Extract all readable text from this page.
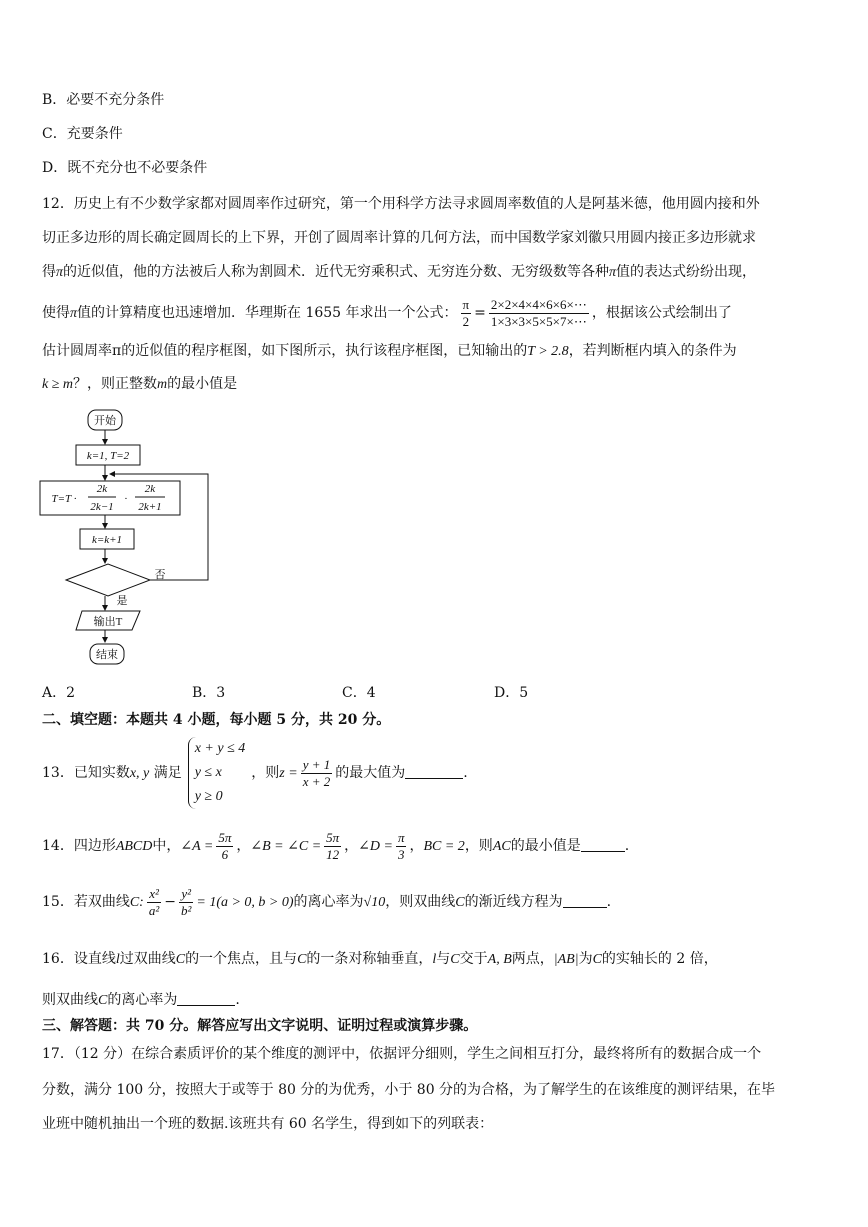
B．必要不充分条件
C．充要条件
D．既不充分也不必要条件
12．历史上有不少数学家都对圆周率作过研究，第一个用科学方法寻求圆周率数值的人是阿基米德，他用圆内接和外
切正多边形的周长确定圆周长的上下界，开创了圆周率计算的几何方法，而中国数学家刘徽只用圆内接正多边形就求
得π的近似值，他的方法被后人称为割圆术．近代无穷乘积式、无穷连分数、无穷级数等各种π值的表达式纷纷出现，
使得π值的计算精度也迅速增加．华理斯在 1655 年求出一个公式： $\frac{\pi}{2} = \frac{2\times 2\times 4\times 4\times 6\times 6\times\cdots}{1\times 3\times 3\times 5\times 5\times 7\times\cdots}$ ，根据该公式绘制出了
估计圆周率π的近似值的程序框图，如下图所示，执行该程序框图，已知输出的T > 2.8，若判断框内填入的条件为
k ≥ m？，则正整数m的最小值是
开始
k=1, T=2
T=T ·
2k
2k−1
·
2k
2k+1
k=k+1
否
是
输出T
结束
A．2	B．3	C．4	D．5
二、填空题：本题共 4 小题，每小题 5 分，共 20 分。
13．已知实数x, y 满足
x + y ≤ 4
y ≤ x
y ≥ 0
，则$z = \frac{y + 1}{x + 2}$ 的最大值为	.
14．四边形ABCD中，∠A = $\frac{5\pi}{6}$ ，∠B = ∠C = $\frac{5\pi}{12}$ ，∠D = $\frac{\pi}{3}$ ，BC = 2，则AC的最小值是	.
15．若双曲线C: $\frac{\text{x²}}{\text{a²}} - \frac{\text{y²}}{\text{b²}} = 1(a > 0$, b > 0)的离心率为√10，则双曲线C的渐近线方程为	.
16．设直线l过双曲线C的一个焦点，且与C的一条对称轴垂直，l与C交于A, B两点，|AB|为C的实轴长的 2 倍，
则双曲线C的离心率为	.
三、解答题：共 70 分。解答应写出文字说明、证明过程或演算步骤。
17．（12 分）在综合素质评价的某个维度的测评中，依据评分细则，学生之间相互打分，最终将所有的数据合成一个
分数，满分 100 分，按照大于或等于 80 分的为优秀，小于 80 分的为合格，为了解学生的在该维度的测评结果，在毕
业班中随机抽出一个班的数据.该班共有 60 名学生，得到如下的列联表：
